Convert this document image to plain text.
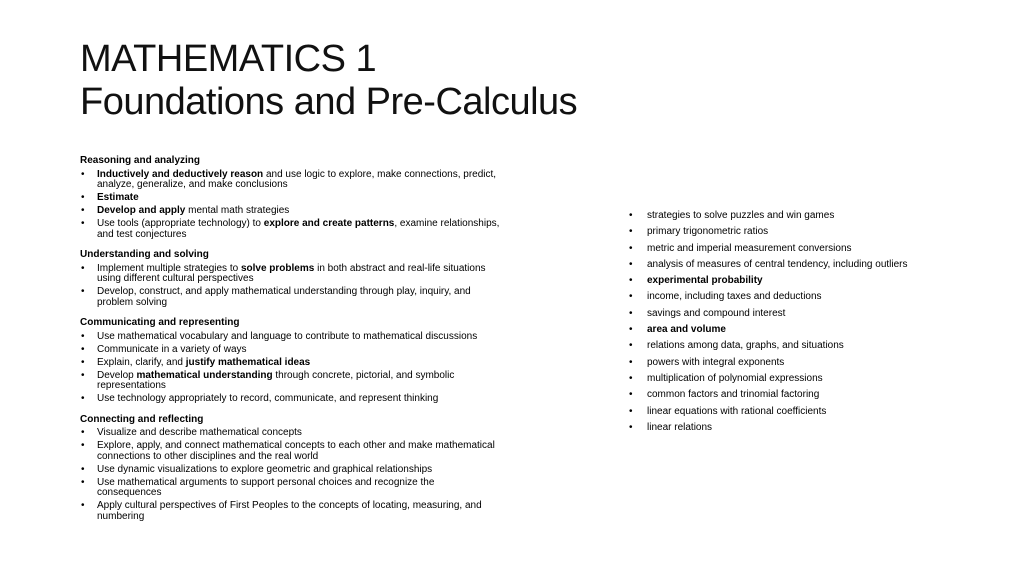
MATHEMATICS 1
Foundations and Pre-Calculus
Reasoning and analyzing
• Inductively and deductively reason and use logic to explore, make connections, predict, analyze, generalize, and make conclusions
• Estimate
• Develop and apply mental math strategies
• Use tools (appropriate technology) to explore and create patterns, examine relationships, and test conjectures
Understanding and solving
• Implement multiple strategies to solve problems in both abstract and real-life situations using different cultural perspectives
• Develop, construct, and apply mathematical understanding through play, inquiry, and problem solving
Communicating and representing
• Use mathematical vocabulary and language to contribute to mathematical discussions
• Communicate in a variety of ways
• Explain, clarify, and justify mathematical ideas
• Develop mathematical understanding through concrete, pictorial, and symbolic representations
• Use technology appropriately to record, communicate, and represent thinking
Connecting and reflecting
• Visualize and describe mathematical concepts
• Explore, apply, and connect mathematical concepts to each other and make mathematical connections to other disciplines and the real world
• Use dynamic visualizations to explore geometric and graphical relationships
• Use mathematical arguments to support personal choices and recognize the consequences
• Apply cultural perspectives of First Peoples to the concepts of locating, measuring, and numbering
• strategies to solve puzzles and win games
• primary trigonometric ratios
• metric and imperial measurement conversions
• analysis of measures of central tendency, including outliers
• experimental probability
• income, including taxes and deductions
• savings and compound interest
• area and volume
• relations among data, graphs, and situations
• powers with integral exponents
• multiplication of polynomial expressions
• common factors and trinomial factoring
• linear equations with rational coefficients
• linear relations
